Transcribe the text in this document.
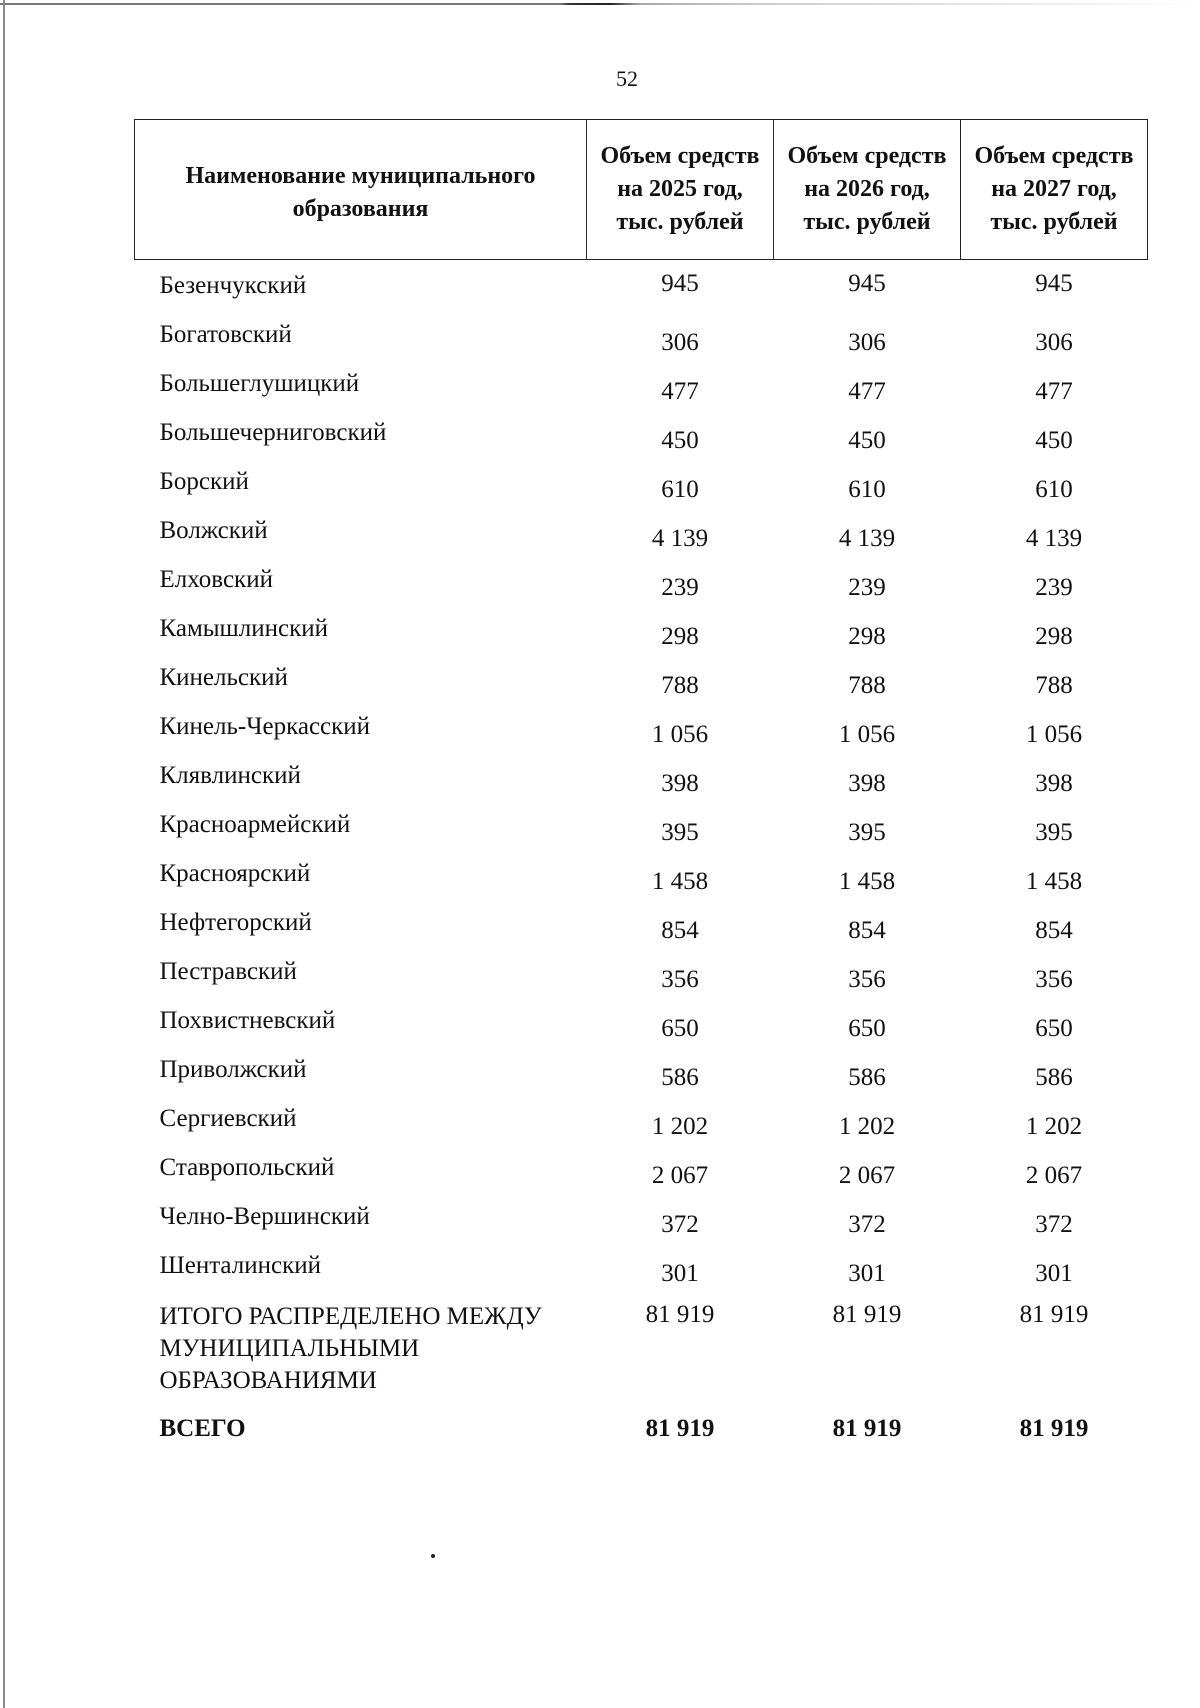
52
Наименование муниципального образования	Объем средств на 2025 год, тыс. рублей	Объем средств на 2026 год, тыс. рублей	Объем средств на 2027 год, тыс. рублей
Безенчукский	945	945	945
Богатовский	306	306	306
Большеглушицкий	477	477	477
Большечерниговский	450	450	450
Борский	610	610	610
Волжский	4 139	4 139	4 139
Елховский	239	239	239
Камышлинский	298	298	298
Кинельский	788	788	788
Кинель-Черкасский	1 056	1 056	1 056
Клявлинский	398	398	398
Красноармейский	395	395	395
Красноярский	1 458	1 458	1 458
Нефтегорский	854	854	854
Пестравский	356	356	356
Похвистневский	650	650	650
Приволжский	586	586	586
Сергиевский	1 202	1 202	1 202
Ставропольский	2 067	2 067	2 067
Челно-Вершинский	372	372	372
Шенталинский	301	301	301
ИТОГО РАСПРЕДЕЛЕНО МЕЖДУ МУНИЦИПАЛЬНЫМИ ОБРАЗОВАНИЯМИ	81 919	81 919	81 919
ВСЕГО	81 919	81 919	81 919
